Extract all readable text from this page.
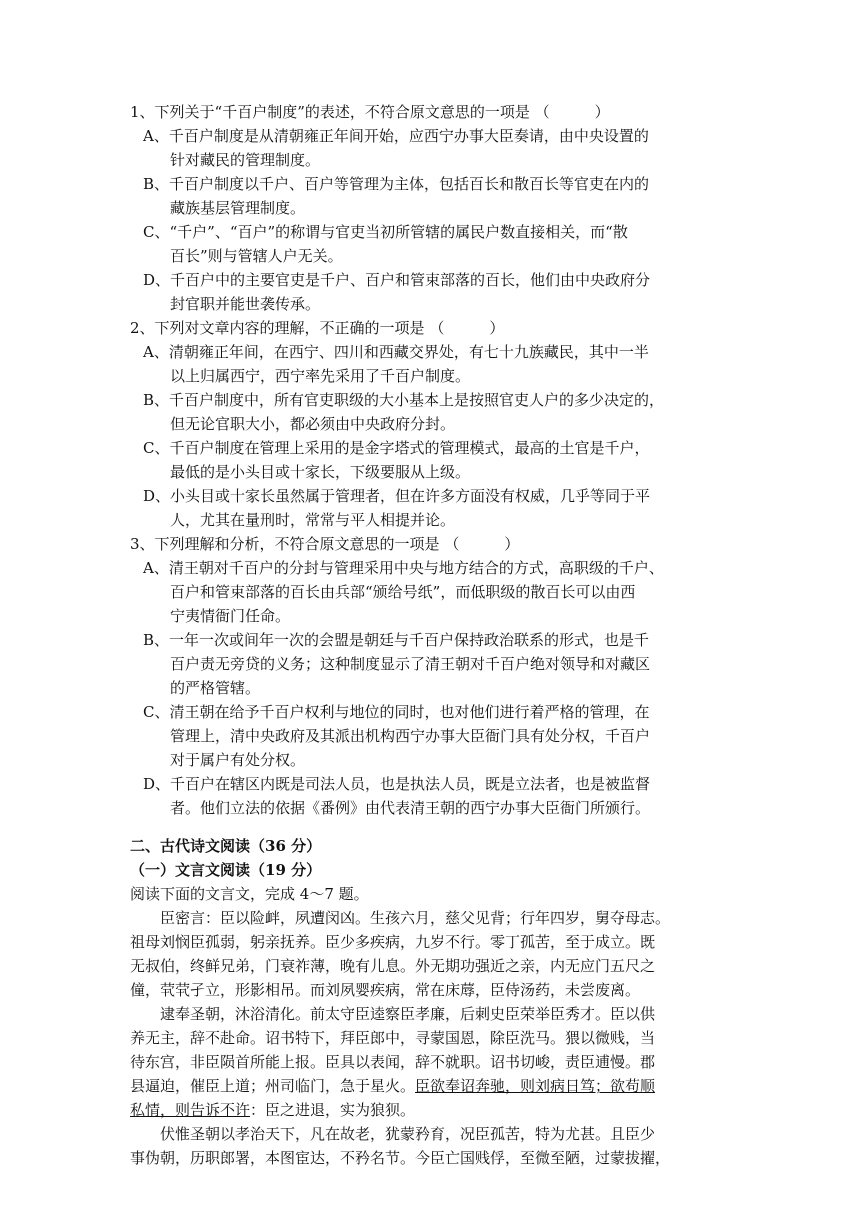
1、下列关于“千百户制度”的表述，不符合原文意思的一项是 （　　　）
A、千百户制度是从清朝雍正年间开始，应西宁办事大臣奏请，由中央设置的
针对藏民的管理制度。
B、千百户制度以千户、百户等管理为主体，包括百长和散百长等官吏在内的
藏族基层管理制度。
C、“千户”、“百户”的称谓与官吏当初所管辖的属民户数直接相关，而“散
百长”则与管辖人户无关。
D、千百户中的主要官吏是千户、百户和管束部落的百长，他们由中央政府分
封官职并能世袭传承。
2、下列对文章内容的理解，不正确的一项是 （　　　）
A、清朝雍正年间，在西宁、四川和西藏交界处，有七十九族藏民，其中一半
以上归属西宁，西宁率先采用了千百户制度。
B、千百户制度中，所有官吏职级的大小基本上是按照官吏人户的多少决定的，
但无论官职大小，都必须由中央政府分封。
C、千百户制度在管理上采用的是金字塔式的管理模式，最高的土官是千户，
最低的是小头目或十家长，下级要服从上级。
D、小头目或十家长虽然属于管理者，但在许多方面没有权威，几乎等同于平
人，尤其在量刑时，常常与平人相提并论。
3、下列理解和分析，不符合原文意思的一项是 （　　　）
A、清王朝对千百户的分封与管理采用中央与地方结合的方式，高职级的千户、
百户和管束部落的百长由兵部“颁给号纸”，而低职级的散百长可以由西
宁夷情衙门任命。
B、一年一次或间年一次的会盟是朝廷与千百户保持政治联系的形式，也是千
百户责无旁贷的义务；这种制度显示了清王朝对千百户绝对领导和对藏区
的严格管辖。
C、清王朝在给予千百户权利与地位的同时，也对他们进行着严格的管理，在
管理上，清中央政府及其派出机构西宁办事大臣衙门具有处分权，千百户
对于属户有处分权。
D、千百户在辖区内既是司法人员，也是执法人员，既是立法者，也是被监督
者。他们立法的依据《番例》由代表清王朝的西宁办事大臣衙门所颁行。
二、古代诗文阅读（36 分）
（一）文言文阅读（19 分）
阅读下面的文言文，完成 4～7 题。
臣密言：臣以险衅，夙遭闵凶。生孩六月，慈父见背；行年四岁，舅夺母志。
祖母刘悯臣孤弱，躬亲抚养。臣少多疾病，九岁不行。零丁孤苦，至于成立。既
无叔伯，终鲜兄弟，门衰祚薄，晚有儿息。外无期功强近之亲，内无应门五尺之
僮，茕茕孑立，形影相吊。而刘夙婴疾病，常在床蓐，臣侍汤药，未尝废离。
逮奉圣朝，沐浴清化。前太守臣逵察臣孝廉，后刺史臣荣举臣秀才。臣以供
养无主，辞不赴命。诏书特下，拜臣郎中，寻蒙国恩，除臣洗马。猥以微贱，当
待东宫，非臣陨首所能上报。臣具以表闻，辞不就职。诏书切峻，责臣逋慢。郡
县逼迫，催臣上道；州司临门，急于星火。臣欲奉诏奔驰，则刘病日笃；欲苟顺
私情，则告诉不许：臣之进退，实为狼狈。
伏惟圣朝以孝治天下，凡在故老，犹蒙矜育，况臣孤苦，特为尤甚。且臣少
事伪朝，历职郎署，本图宦达，不矜名节。今臣亡国贱俘，至微至陋，过蒙拔擢，
